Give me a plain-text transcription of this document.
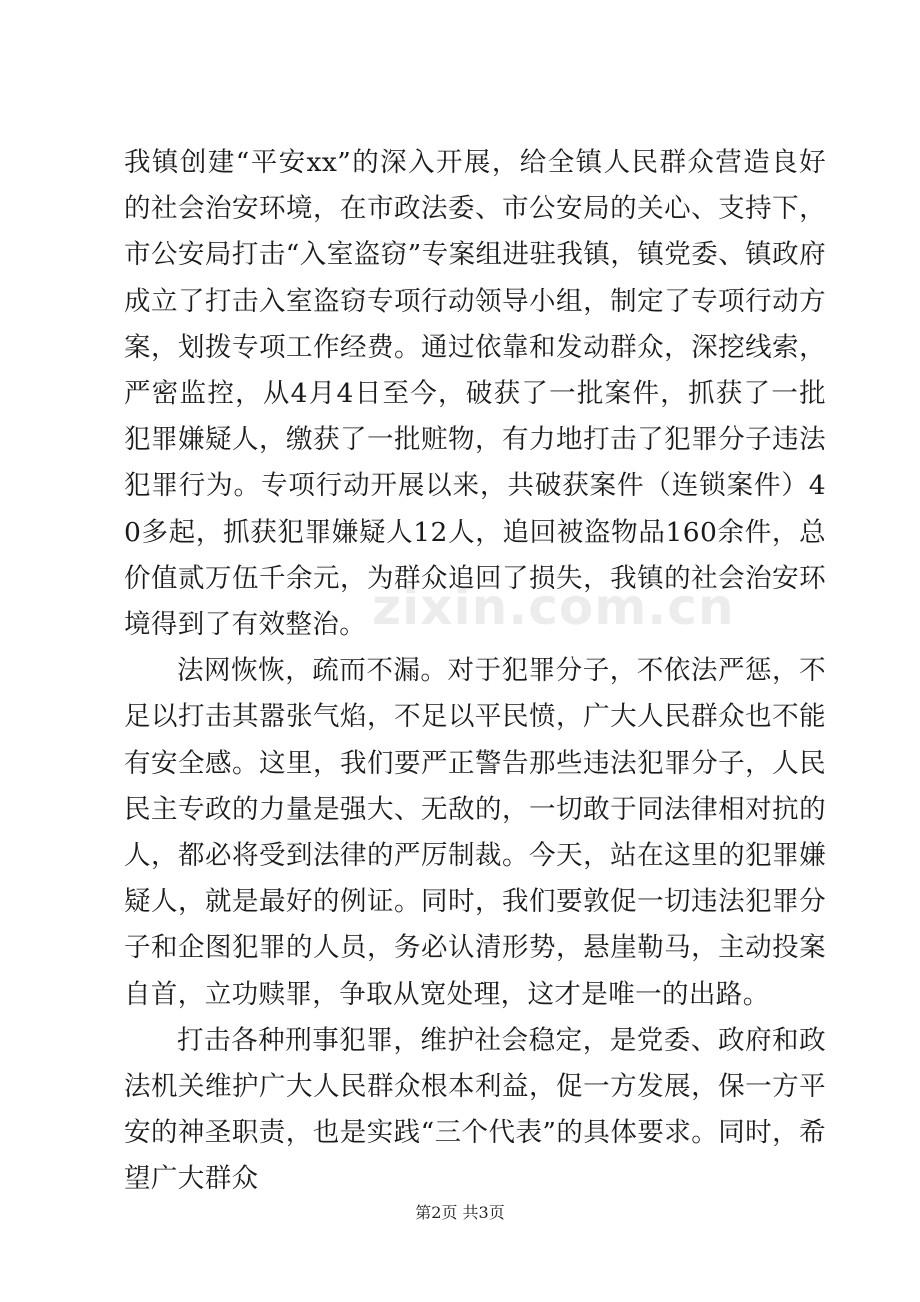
我镇创建“平安xx”的深入开展，给全镇人民群众营造良好的社会治安环境，在市政法委、市公安局的关心、支持下，市公安局打击“入室盗窃”专案组进驻我镇，镇党委、镇政府成立了打击入室盗窃专项行动领导小组，制定了专项行动方案，划拨专项工作经费。通过依靠和发动群众，深挖线索，严密监控，从4月4日至今，破获了一批案件，抓获了一批犯罪嫌疑人，缴获了一批赃物，有力地打击了犯罪分子违法犯罪行为。专项行动开展以来，共破获案件（连锁案件）40多起，抓获犯罪嫌疑人12人，追回被盗物品160余件，总价值贰万伍千余元，为群众追回了损失，我镇的社会治安环境得到了有效整治。

法网恢恢，疏而不漏。对于犯罪分子，不依法严惩，不足以打击其嚣张气焰，不足以平民愤，广大人民群众也不能有安全感。这里，我们要严正警告那些违法犯罪分子，人民民主专政的力量是强大、无敌的，一切敢于同法律相对抗的人，都必将受到法律的严厉制裁。今天，站在这里的犯罪嫌疑人，就是最好的例证。同时，我们要敦促一切违法犯罪分子和企图犯罪的人员，务必认清形势，悬崖勒马，主动投案自首，立功赎罪，争取从宽处理，这才是唯一的出路。

打击各种刑事犯罪，维护社会稳定，是党委、政府和政法机关维护广大人民群众根本利益，促一方发展，保一方平安的神圣职责，也是实践“三个代表”的具体要求。同时，希望广大群众

zixin.com.cn
第2页 共3页
